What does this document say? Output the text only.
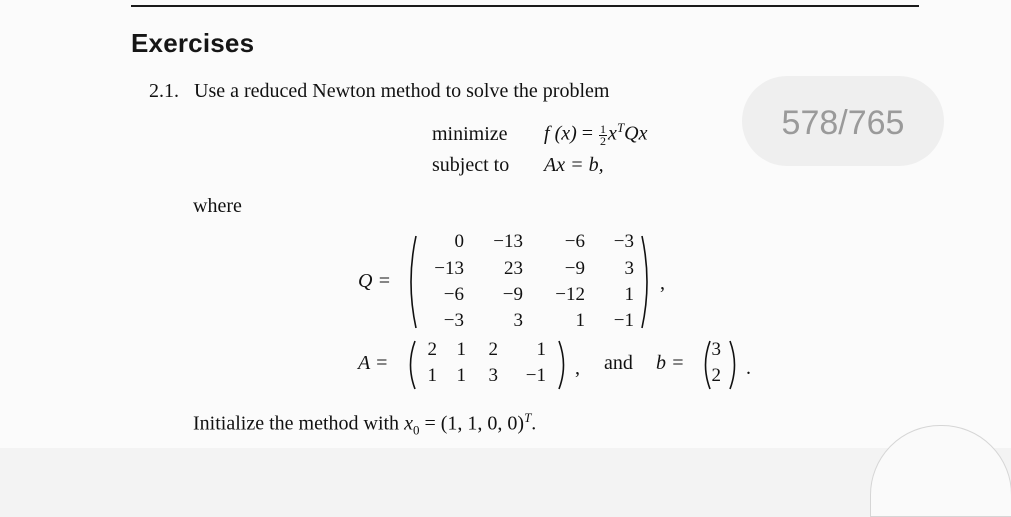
Exercises
2.1. Use a reduced Newton method to solve the problem
minimize f $(x) = \frac{1}{2} x^TQx$
subject to Ax = b,
where
Q =
0	−13	−6	−3
−13	23	−9	3
−6	−9	−12	1
−3	3	1	−1
,
A =
2	1	2	1
1	1	3	−1 , and b =
3
2 .
Initialize the method with $x_0 = (1$, 1, 0, 0)$^T$.
578/765
